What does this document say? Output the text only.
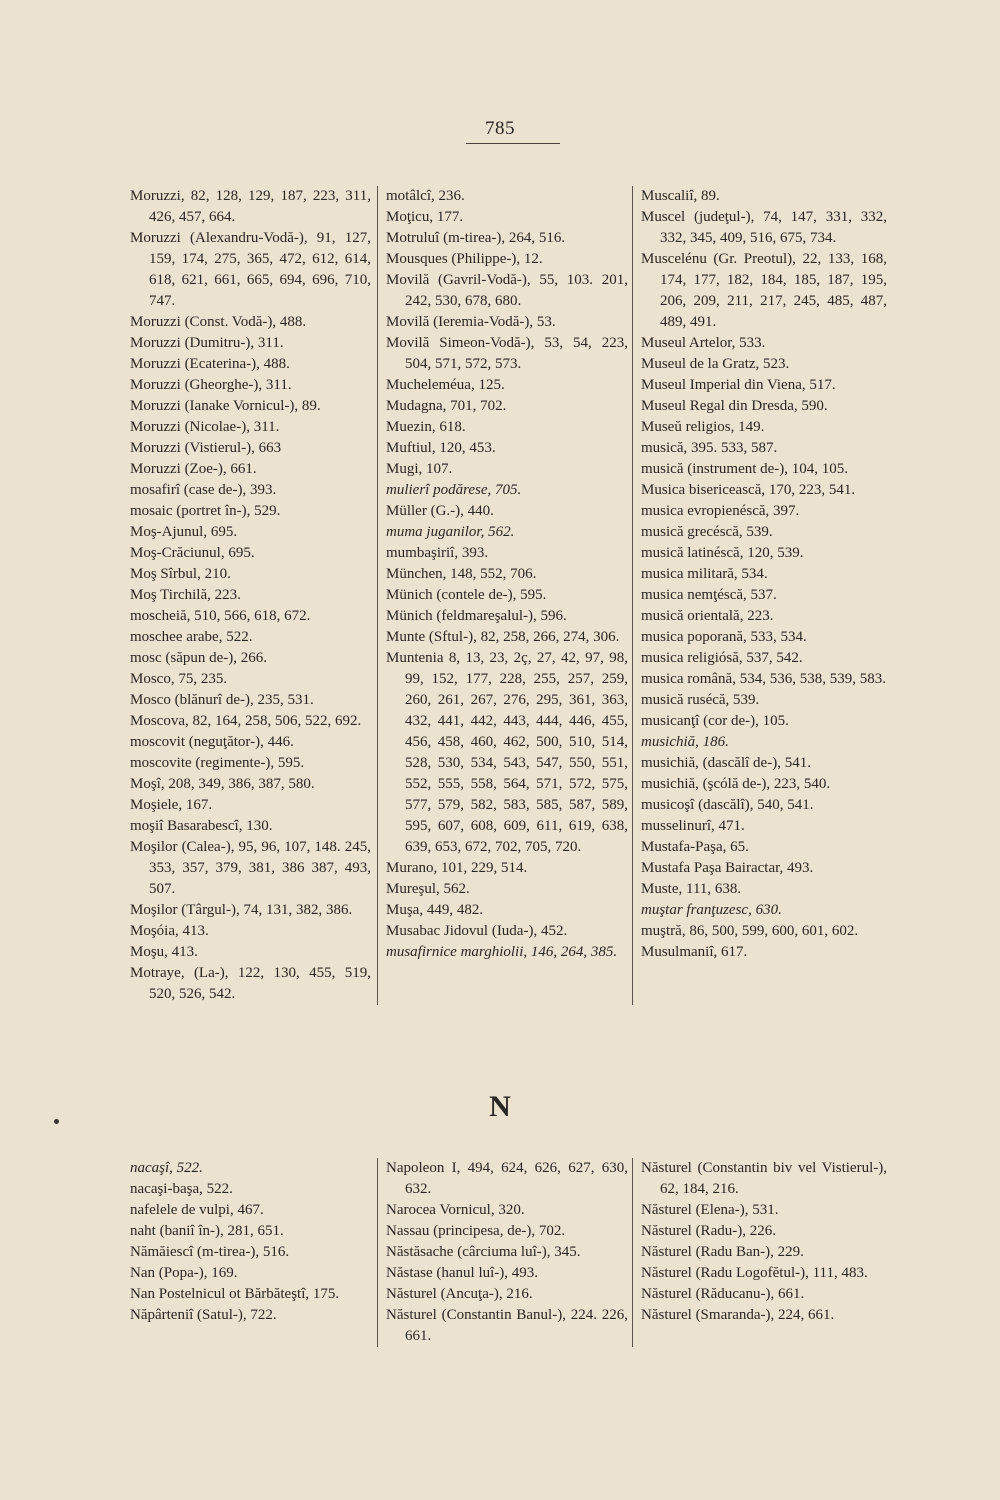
785
Moruzzi, 82, 128, 129, 187, 223, 311, 426, 457, 664.
Moruzzi (Alexandru-Vodă-), 91, 127, 159, 174, 275, 365, 472, 612, 614, 618, 621, 661, 665, 694, 696, 710, 747.
Moruzzi (Const. Vodă-), 488.
Moruzzi (Dumitru-), 311.
Moruzzi (Ecaterina-), 488.
Moruzzi (Gheorghe-), 311.
Moruzzi (Ianake Vornicul-), 89.
Moruzzi (Nicolae-), 311.
Moruzzi (Vistierul-), 663
Moruzzi (Zoe-), 661.
mosafirî (case de-), 393.
mosaic (portret în-), 529.
Moş-Ajunul, 695.
Moş-Crăciunul, 695.
Moş Sîrbul, 210.
Moş Tirchilă, 223.
moscheiă, 510, 566, 618, 672.
moschee arabe, 522.
mosc (săpun de-), 266.
Mosco, 75, 235.
Mosco (blănurî de-), 235, 531.
Moscova, 82, 164, 258, 506, 522, 692.
moscovit (neguţător-), 446.
moscovite (regimente-), 595.
Moşî, 208, 349, 386, 387, 580.
Moşiele, 167.
moşiî Basarabescî, 130.
Moşilor (Calea-), 95, 96, 107, 148. 245, 353, 357, 379, 381, 386 387, 493, 507.
Moşilor (Târgul-), 74, 131, 382, 386.
Moşóia, 413.
Moşu, 413.
Motraye, (La-), 122, 130, 455, 519, 520, 526, 542.
motâlcî, 236.
Moţicu, 177.
Motruluî (m-tirea-), 264, 516.
Mousques (Philippe-), 12.
Movilă (Gavril-Vodă-), 55, 103. 201, 242, 530, 678, 680.
Movilă (Ieremia-Vodă-), 53.
Movilă Simeon-Vodă-), 53, 54, 223, 504, 571, 572, 573.
Mucheleméua, 125.
Mudagna, 701, 702.
Muezin, 618.
Muftiul, 120, 453.
Mugi, 107.
mulierî podărese, 705.
Müller (G.-), 440.
muma juganilor, 562.
mumbaşiriî, 393.
München, 148, 552, 706.
Münich (contele de-), 595.
Münich (feldmareşalul-), 596.
Munte (Sftul-), 82, 258, 266, 274, 306.
Muntenia 8, 13, 23, 2ç, 27, 42, 97, 98, 99, 152, 177, 228, 255, 257, 259, 260, 261, 267, 276, 295, 361, 363, 432, 441, 442, 443, 444, 446, 455, 456, 458, 460, 462, 500, 510, 514, 528, 530, 534, 543, 547, 550, 551, 552, 555, 558, 564, 571, 572, 575, 577, 579, 582, 583, 585, 587, 589, 595, 607, 608, 609, 611, 619, 638, 639, 653, 672, 702, 705, 720.
Murano, 101, 229, 514.
Mureşul, 562.
Muşa, 449, 482.
Musabac Jidovul (Iuda-), 452.
musafirnice marghiolii, 146, 264, 385.
Muscaliî, 89.
Muscel (judeţul-), 74, 147, 331, 332, 332, 345, 409, 516, 675, 734.
Muscelénu (Gr. Preotul), 22, 133, 168, 174, 177, 182, 184, 185, 187, 195, 206, 209, 211, 217, 245, 485, 487, 489, 491.
Museul Artelor, 533.
Museul de la Gratz, 523.
Museul Imperial din Viena, 517.
Museul Regal din Dresda, 590.
Museŭ religios, 149.
musică, 395. 533, 587.
musică (instrument de-), 104, 105.
Musica bisericească, 170, 223, 541.
musica evropienéscă, 397.
musică grecéscă, 539.
musică latinéscă, 120, 539.
musica militară, 534.
musica nemţéscă, 537.
musică orientală, 223.
musica poporană, 533, 534.
musica religiósă, 537, 542.
musica română, 534, 536, 538, 539, 583.
musică rusécă, 539.
musicanţî (cor de-), 105.
musichiă, 186.
musichiă, (dascălî de-), 541.
musichiă, (şcólă de-), 223, 540.
musicoşî (dascălî), 540, 541.
musselinurî, 471.
Mustafa-Paşa, 65.
Mustafa Paşa Bairactar, 493.
Muste, 111, 638.
muştar franţuzesc, 630.
muştră, 86, 500, 599, 600, 601, 602.
Musulmaniî, 617.
N
nacaşî, 522.
nacaşi-başa, 522.
nafelele de vulpi, 467.
naht (baniî în-), 281, 651.
Nămăiescî (m-tirea-), 516.
Nan (Popa-), 169.
Nan Postelnicul ot Bărbăteştî, 175.
Năpârteniî (Satul-), 722.
Napoleon I, 494, 624, 626, 627, 630, 632.
Narocea Vornicul, 320.
Nassau (principesa, de-), 702.
Năstăsache (cârciuma luî-), 345.
Năstase (hanul luî-), 493.
Năsturel (Ancuţa-), 216.
Năsturel (Constantin Banul-), 224. 226, 661.
Năsturel (Constantin biv vel Vistierul-), 62, 184, 216.
Năsturel (Elena-), 531.
Năsturel (Radu-), 226.
Năsturel (Radu Ban-), 229.
Năsturel (Radu Logofĕtul-), 111, 483.
Năsturel (Răducanu-), 661.
Năsturel (Smaranda-), 224, 661.
